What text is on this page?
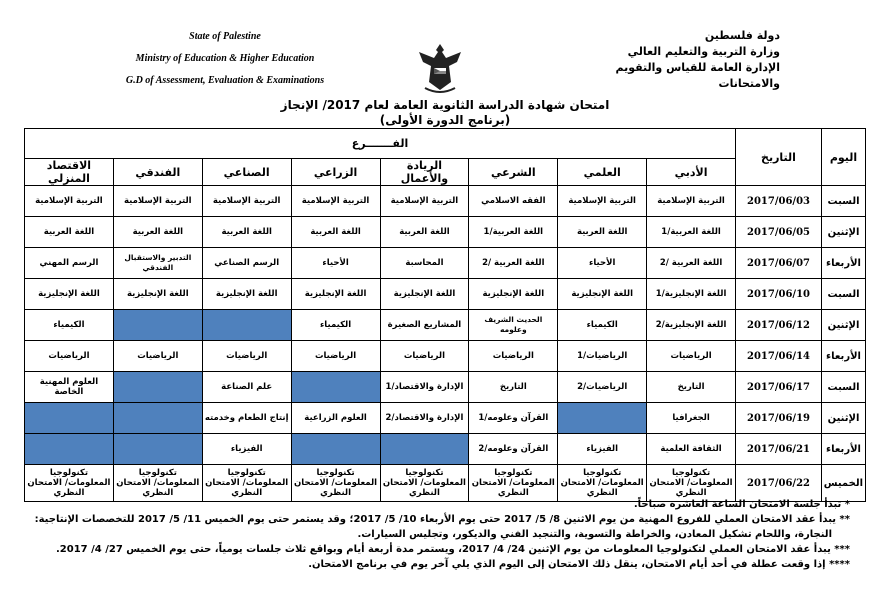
State of Palestine
Ministry of Education & Higher Education
G.D of Assessment, Evaluation & Examinations
دولة فلسطين
وزارة التربية والتعليم العالي
الإدارة العامة للقياس والتقويم والامتحانات
امتحان شهادة الدراسة الثانوية العامة لعام 2017/ الإنجاز
(برنامج الدورة الأولى)
اليوم	التاريخ	الفـــــــرع							
		الأدبي	العلمي	الشرعي	الريادة والأعمال	الزراعي	الصناعي	الفندقي	الاقتصاد المنزلي
السبت	2017/06/03	التربية الإسلامية	التربية الإسلامية	الفقه الاسلامي	التربية الإسلامية	التربية الإسلامية	التربية الإسلامية	التربية الإسلامية	التربية الإسلامية
الإثنين	2017/06/05	اللغة العربية/1	اللغة العربية	اللغة العربية/1	اللغة العربية	اللغة العربية	اللغة العربية	اللغة العربية	اللغة العربية
الأربعاء	2017/06/07	اللغة العربية /2	الأحياء	اللغة العربية /2	المحاسبة	الأحياء	الرسم الصناعي	التدبير والاستقبال الفندقي	الرسم المهني
السبت	2017/06/10	اللغة الإنجليزية/1	اللغة الإنجليزية	اللغة الإنجليزية	اللغة الإنجليزية	اللغة الإنجليزية	اللغة الإنجليزية	اللغة الإنجليزية	اللغة الإنجليزية
الإثنين	2017/06/12	اللغة الإنجليزية/2	الكيمياء	الحديث الشريف وعلومه	المشاريع الصغيرة	الكيمياء			الكيمياء
الأربعاء	2017/06/14	الرياضيات	الرياضيات/1	الرياضيات	الرياضيات	الرياضيات	الرياضيات	الرياضيات	الرياضيات
السبت	2017/06/17	التاريخ	الرياضيات/2	التاريخ	الإدارة والاقتصاد/1		علم الصناعة		العلوم المهنية الخاصة
الإثنين	2017/06/19	الجغرافيا		القرآن وعلومه/1	الإدارة والاقتصاد/2	العلوم الزراعية	إنتاج الطعام وخدمته		
الأربعاء	2017/06/21	الثقافة العلمية	الفيزياء	القرآن وعلومه/2			الفيزياء		
الخميس	2017/06/22	تكنولوجيا المعلومات/ الامتحان النظري	تكنولوجيا المعلومات/ الامتحان النظري	تكنولوجيا المعلومات/ الامتحان النظري	تكنولوجيا المعلومات/ الامتحان النظري	تكنولوجيا المعلومات/ الامتحان النظري	تكنولوجيا المعلومات/ الامتحان النظري	تكنولوجيا المعلومات/ الامتحان النظري	تكنولوجيا المعلومات/ الامتحان النظري
* تبدأ جلسة الامتحان الساعة العاشرة صباحاً.
** يبدأ عقد الامتحان العملي للفروع المهنية من يوم الاثنين 8/ 5/ 2017 حتى يوم الأربعاء 10/ 5/ 2017؛ وقد يستمر حتى يوم الخميس 11/ 5/ 2017 للتخصصات الإنتاجية:
النجارة، واللحام تشكيل المعادن، والخراطة والتسوية، والتنجيد الفني والديكور، وتجليس السيارات.
*** يبدأ عقد الامتحان العملي لتكنولوجيا المعلومات من يوم الإثنين 24/ 4/ 2017، ويستمر مدة أربعة أيام وبواقع ثلاث جلسات يومياً، حتى يوم الخميس 27/ 4/ 2017.
**** إذا وقعت عطلة في أحد أيام الامتحان، ينقل ذلك الامتحان إلى اليوم الذي يلي آخر يوم في برنامج الامتحان.
